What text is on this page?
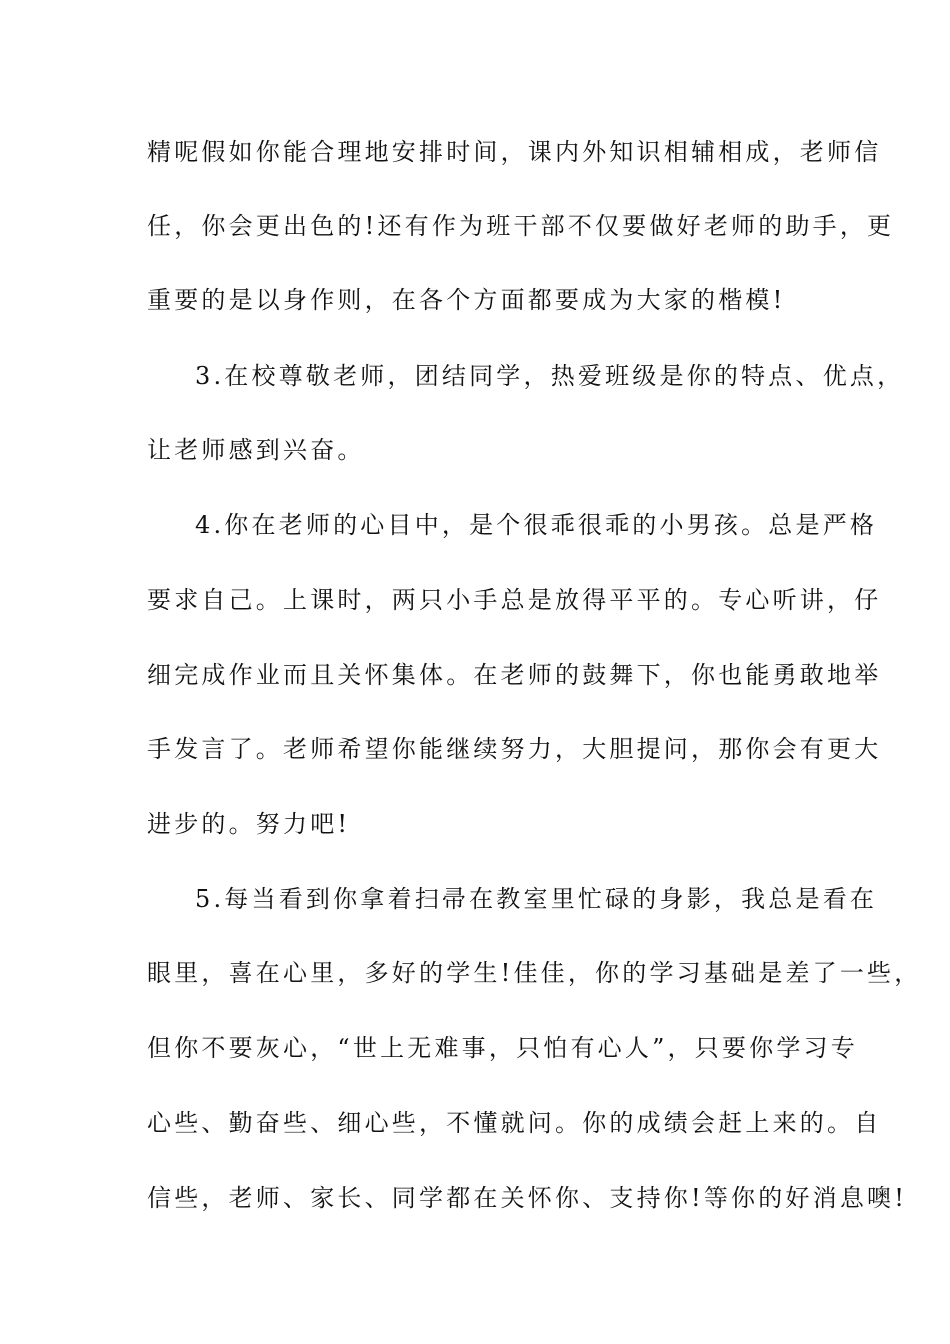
精呢假如你能合理地安排时间，课内外知识相辅相成，老师信

任，你会更出色的!还有作为班干部不仅要做好老师的助手，更

重要的是以身作则，在各个方面都要成为大家的楷模!

3.在校尊敬老师，团结同学，热爱班级是你的特点、优点，

让老师感到兴奋。

4.你在老师的心目中，是个很乖很乖的小男孩。总是严格

要求自己。上课时，两只小手总是放得平平的。专心听讲，仔

细完成作业而且关怀集体。在老师的鼓舞下，你也能勇敢地举

手发言了。老师希望你能继续努力，大胆提问，那你会有更大

进步的。努力吧!

5.每当看到你拿着扫帚在教室里忙碌的身影，我总是看在

眼里，喜在心里，多好的学生!佳佳，你的学习基础是差了一些，

但你不要灰心，“世上无难事，只怕有心人”，只要你学习专

心些、勤奋些、细心些，不懂就问。你的成绩会赶上来的。自

信些，老师、家长、同学都在关怀你、支持你!等你的好消息噢!
